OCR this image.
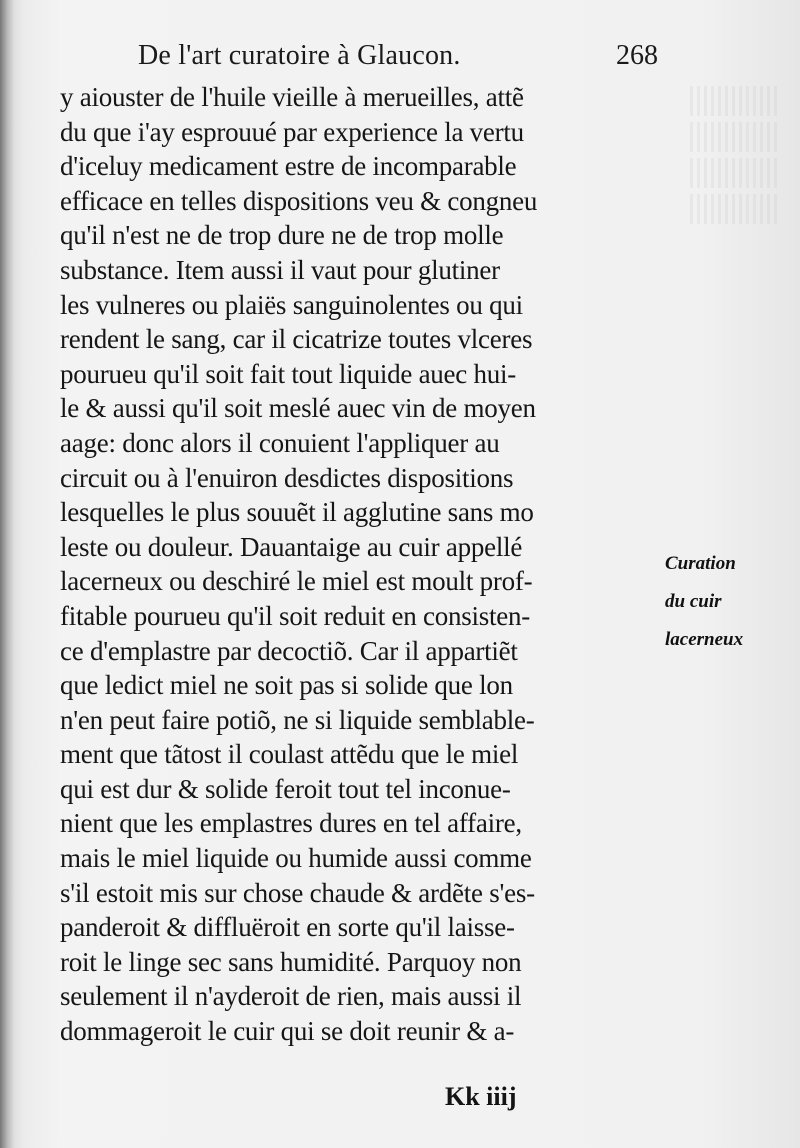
De l'art curatoire à Glaucon.	268
y aiouster de l'huile vieille à merueilles, attẽ
du que i'ay esprouué par experience la vertu
d'iceluy medicament estre de incomparable
efficace en telles dispositions veu & congneu
qu'il n'est ne de trop dure ne de trop molle
substance. Item aussi il vaut pour glutiner
les vulneres ou plaiës sanguinolentes ou qui
rendent le sang, car il cicatrize toutes vlceres
pourueu qu'il soit fait tout liquide auec hui-
le & aussi qu'il soit meslé auec vin de moyen
aage: donc alors il conuient l'appliquer au
circuit ou à l'enuiron desdictes dispositions
lesquelles le plus souuẽt il agglutine sans mo
leste ou douleur. Dauantaige au cuir appellé
lacerneux ou deschiré le miel est moult prof-
fitable pourueu qu'il soit reduit en consisten-
ce d'emplastre par decoctiõ. Car il appartiẽt
que ledict miel ne soit pas si solide que lon
n'en peut faire potiõ, ne si liquide semblable-
ment que tãtost il coulast attẽdu que le miel
qui est dur & solide feroit tout tel inconue-
nient que les emplastres dures en tel affaire,
mais le miel liquide ou humide aussi comme
s'il estoit mis sur chose chaude & ardẽte s'es-
panderoit & diffluëroit en sorte qu'il laisse-
roit le linge sec sans humidité. Parquoy non
seulement il n'ayderoit de rien, mais aussi il
dommageroit le cuir qui se doit reunir & a-
Curation
du cuir
lacerneux
Kk iiij
